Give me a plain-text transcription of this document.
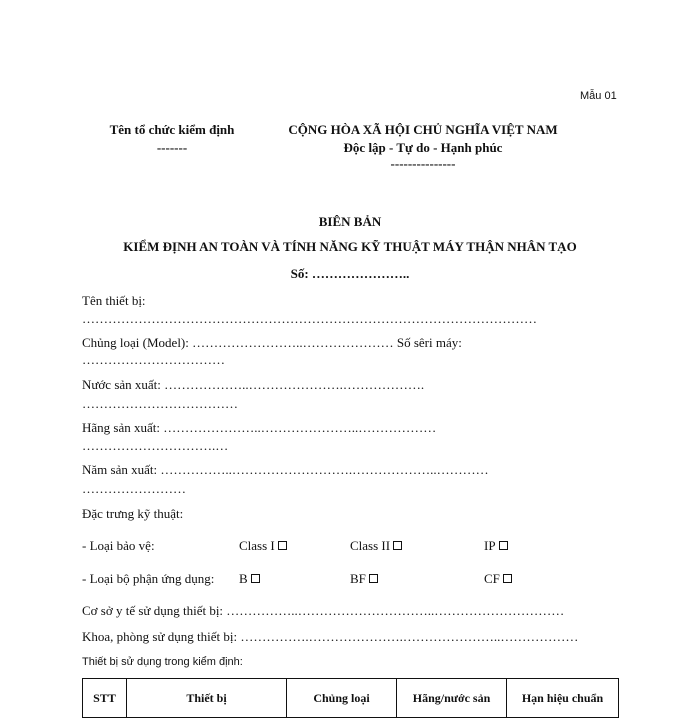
Mẫu 01
Tên tổ chức kiểm định
-------
CỘNG HÒA XÃ HỘI CHỦ NGHĨA VIỆT NAM
Độc lập - Tự do - Hạnh phúc
---------------
BIÊN BẢN
KIỂM ĐỊNH AN TOÀN VÀ TÍNH NĂNG KỸ THUẬT MÁY THẬN NHÂN TẠO
Số: …………………..
Tên thiết bị:
……………………………………………………………………………………………
Chủng loại (Model): ……………………..………………… Số sêri máy:
……………………………
Nước sản xuất: ………………..………………….……………….
………………………………
Hãng sản xuất: …………………..…………………..………………
………………………….…
Năm sản xuất: ……………..……………………….………………..…………
……………………
Đặc trưng kỹ thuật:
- Loại bảo vệ:	Class I	Class II	IP
- Loại bộ phận ứng dụng: B	BF	CF
Cơ sở y tế sử dụng thiết bị: ……………..…………………………..…………………………
Khoa, phòng sử dụng thiết bị: …………….………………….…………………..………………
Thiết bị sử dụng trong kiểm định:
STT	Thiết bị	Chủng loại	Hãng/nước sản	Hạn hiệu chuẩn
